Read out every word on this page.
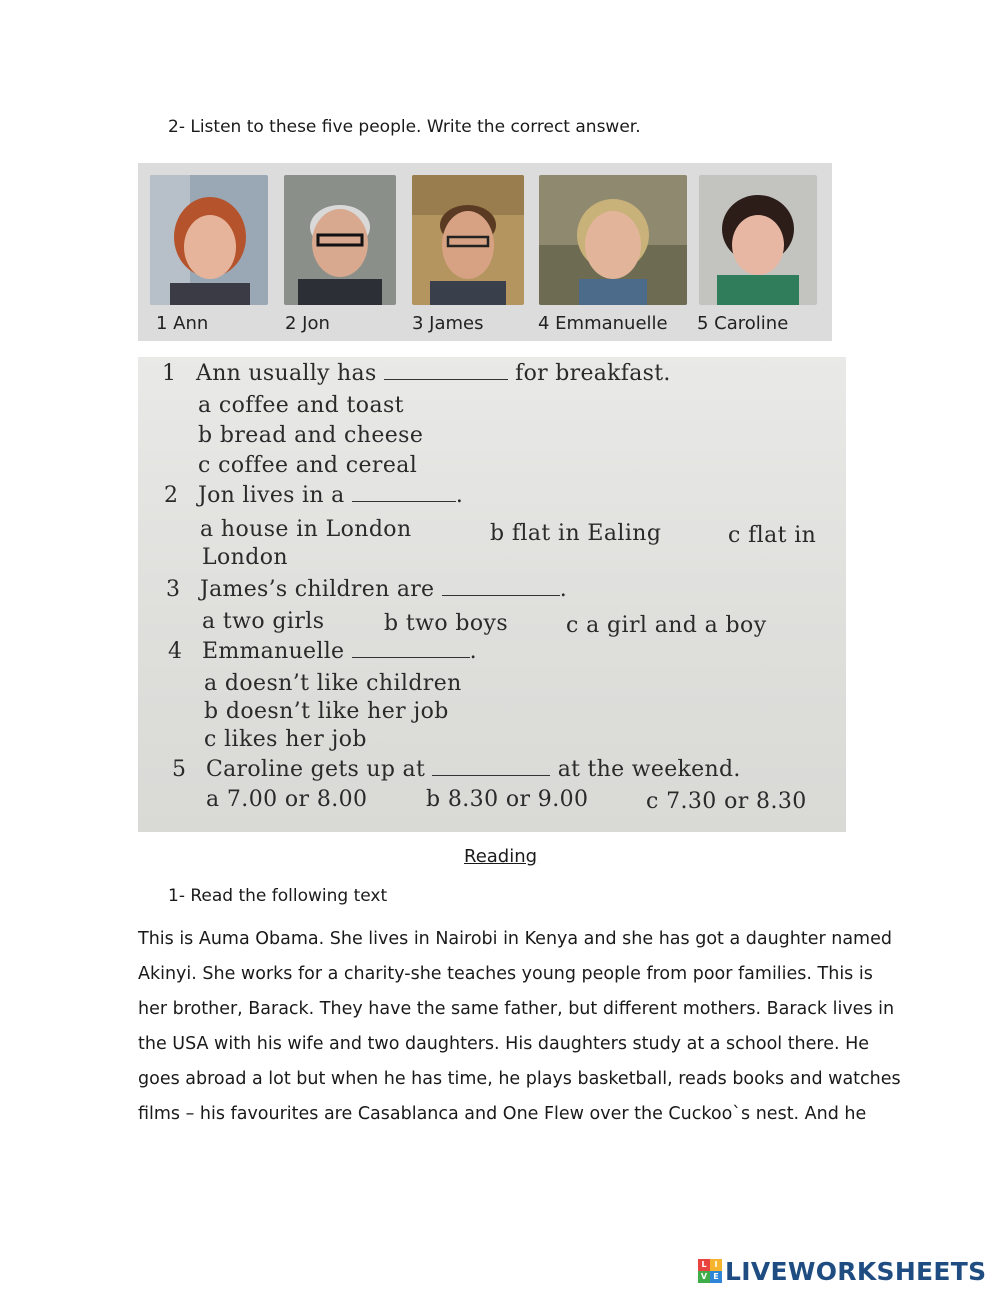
2- Listen to these five people. Write the correct answer.
1 Ann	2 Jon	3 James	4 Emmanuelle 5 Caroline
1 Ann usually has	for breakfast.
a coffee and toast
b bread and cheese
c coffee and cereal
2 Jon lives in a	.
a house in London	b flat in Ealing	c flat in
London
3 James’s children are	.
a two girls	b two boys	c a girl and a boy
4 Emmanuelle	.
a doesn’t like children
b doesn’t like her job
c likes her job
5 Caroline gets up at	at the weekend.
a 7.00 or 8.00	b 8.30 or 9.00	c 7.30 or 8.30
Reading
1- Read the following text
This is Auma Obama. She lives in Nairobi in Kenya and she has got a daughter named
Akinyi. She works for a charity-she teaches young people from poor families. This is
her brother, Barack. They have the same father, but different mothers. Barack lives in
the USA with his wife and two daughters. His daughters study at a school there. He
goes abroad a lot but when he has time, he plays basketball, reads books and watches
films – his favourites are Casablanca and One Flew over the Cuckoo`s nest. And he
L I
V E LIVEWORKSHEETS
